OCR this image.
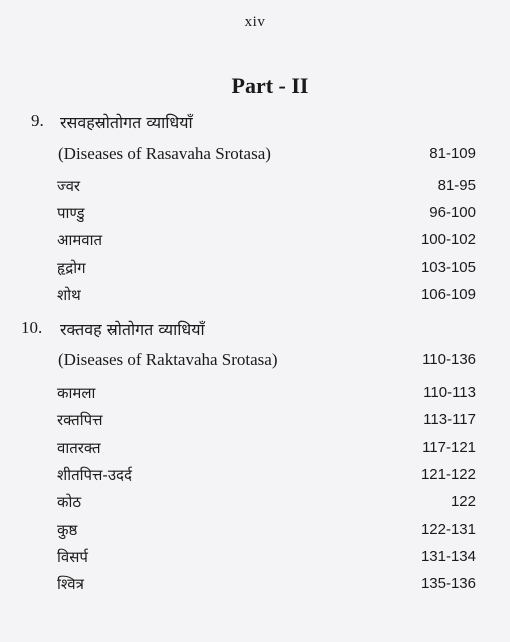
xiv
Part - II
9. रसवहस्रोतोगत व्याधियाँ
(Diseases of Rasavaha Srotasa)	81-109
ज्वर	81-95
पाण्डु	96-100
आमवात	100-102
हृद्रोग	103-105
शोथ	106-109
10. रक्तवह स्रोतोगत व्याधियाँ
(Diseases of Raktavaha Srotasa)	110-136
कामला	110-113
रक्तपित्त	113-117
वातरक्त	117-121
शीतपित्त-उदर्द	121-122
कोठ	122
कुष्ठ	122-131
विसर्प	131-134
श्वित्र	135-136
